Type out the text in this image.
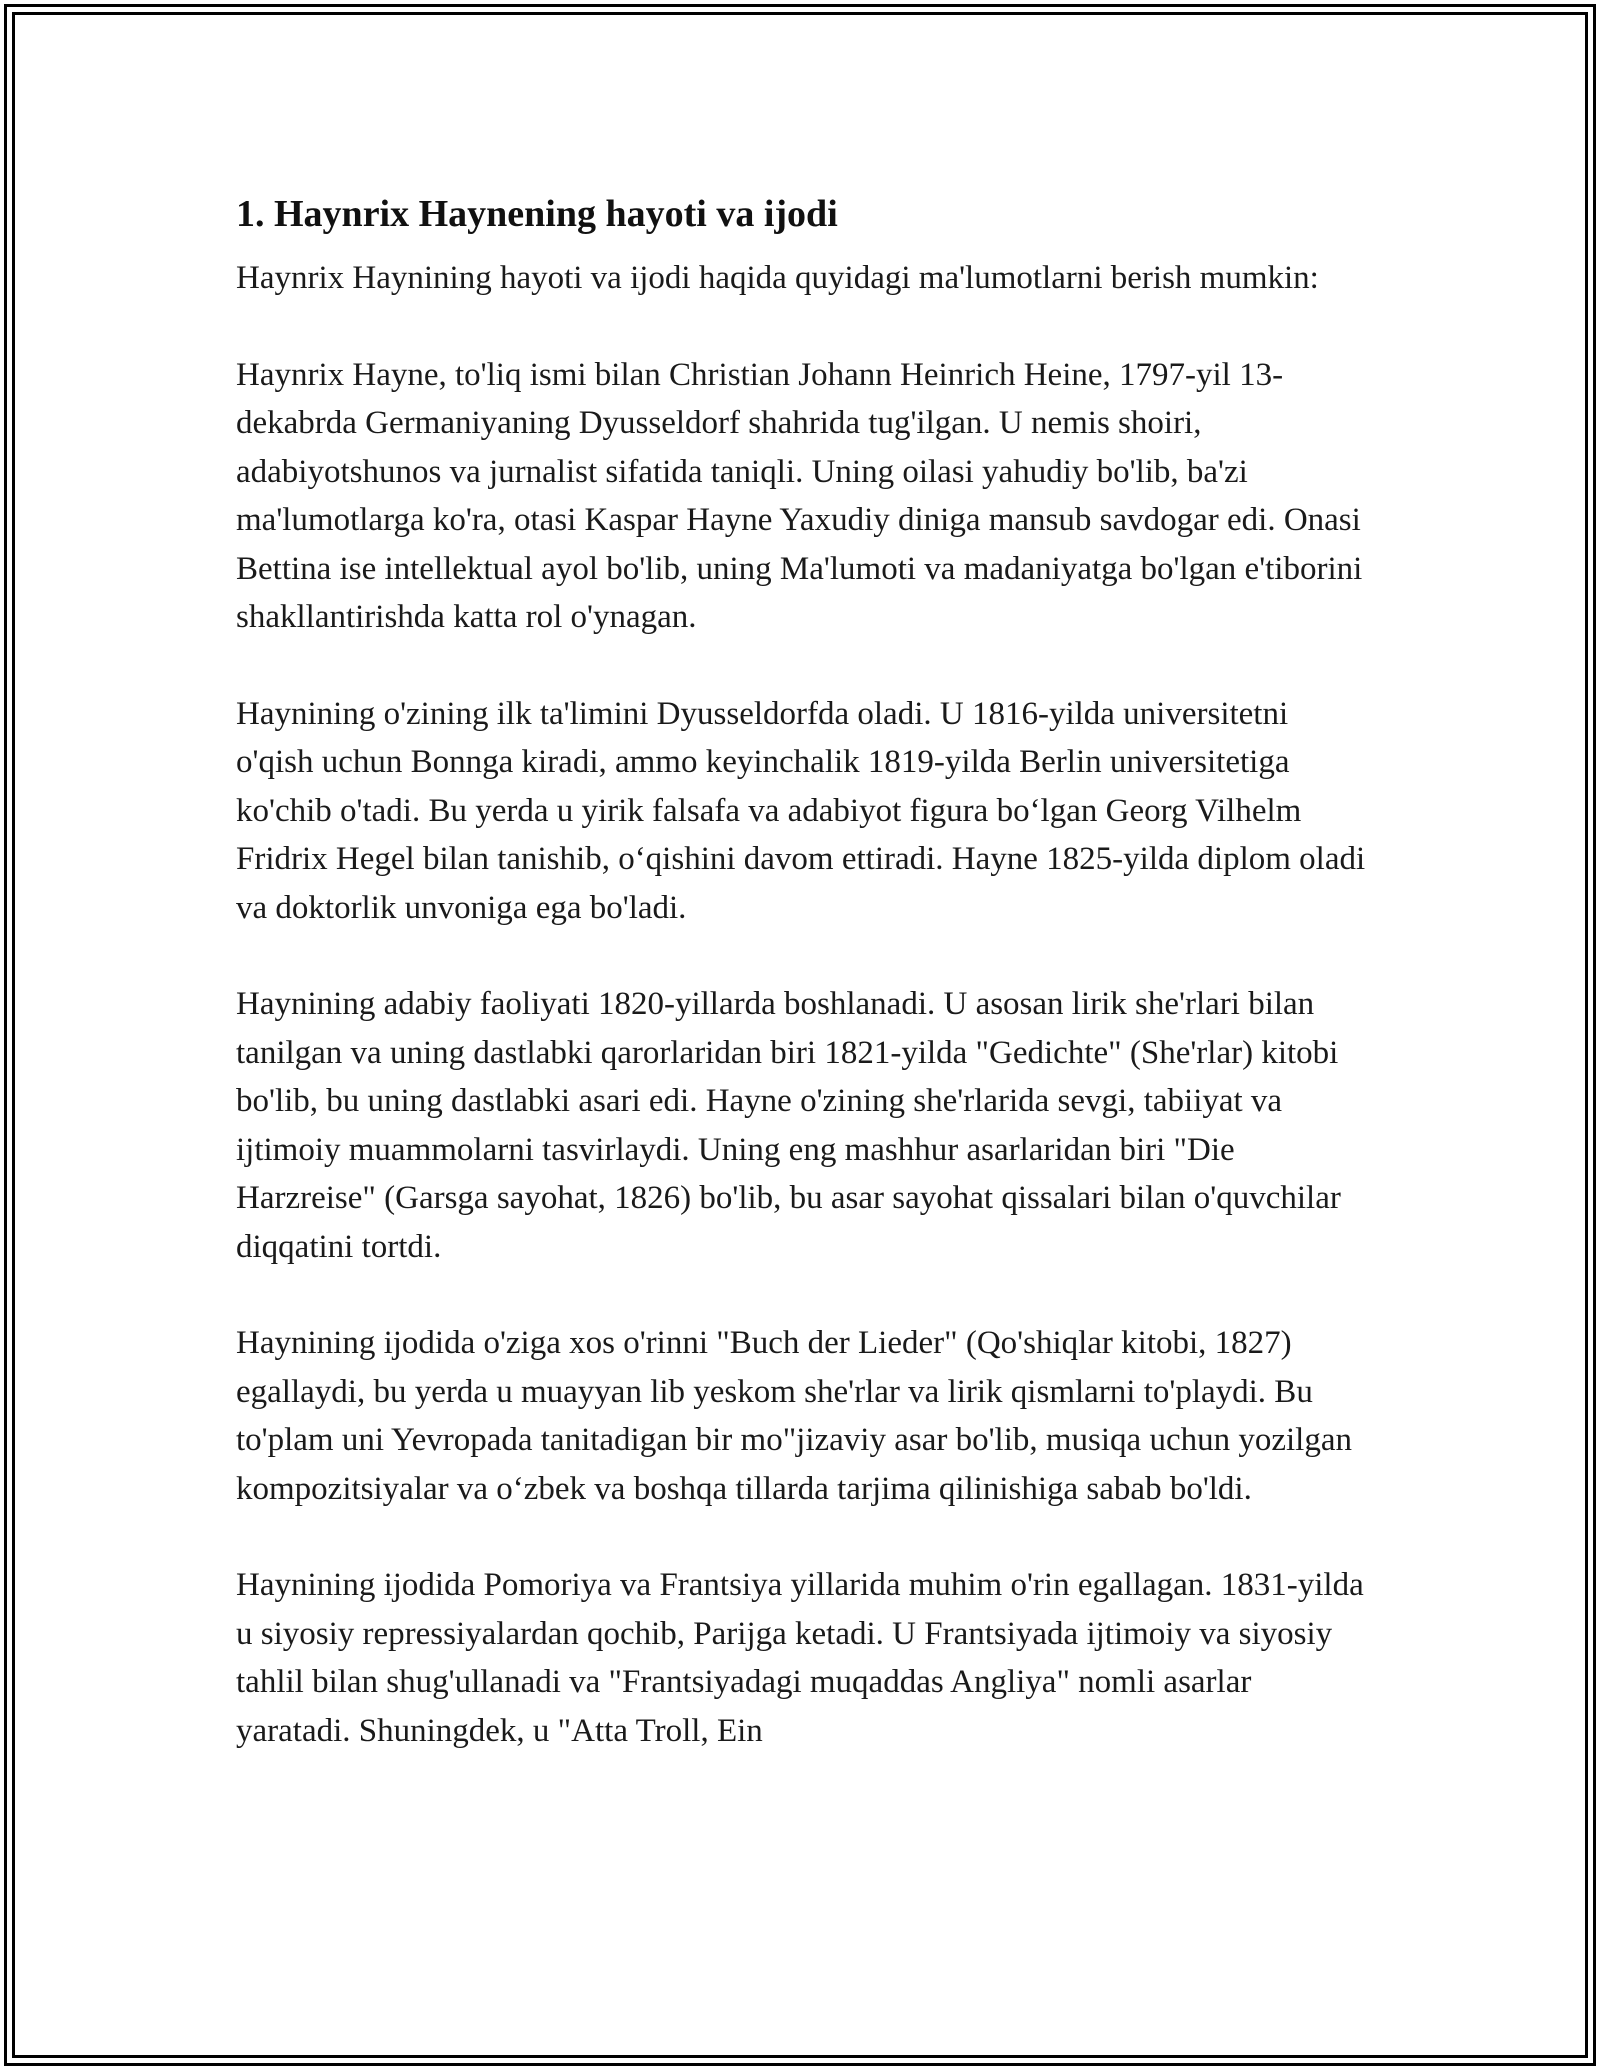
1. Haynrix Haynening hayoti va ijodi

Haynrix Haynining hayoti va ijodi haqida quyidagi ma'lumotlarni berish mumkin:

Haynrix Hayne, to'liq ismi bilan Christian Johann Heinrich Heine, 1797-yil 13-dekabrda Germaniyaning Dyusseldorf shahrida tug'ilgan. U nemis shoiri, adabiyotshunos va jurnalist sifatida taniqli. Uning oilasi yahudiy bo'lib, ba'zi ma'lumotlarga ko'ra, otasi Kaspar Hayne Yaxudiy diniga mansub savdogar edi. Onasi Bettina ise intellektual ayol bo'lib, uning Ma'lumoti va madaniyatga bo'lgan e'tiborini shakllantirishda katta rol o'ynagan.

Haynining o'zining ilk ta'limini Dyusseldorfda oladi. U 1816-yilda universitetni o'qish uchun Bonnga kiradi, ammo keyinchalik 1819-yilda Berlin universitetiga ko'chib o'tadi. Bu yerda u yirik falsafa va adabiyot figura bo‘lgan Georg Vilhelm Fridrix Hegel bilan tanishib, o‘qishini davom ettiradi. Hayne 1825-yilda diplom oladi va doktorlik unvoniga ega bo'ladi.

Haynining adabiy faoliyati 1820-yillarda boshlanadi. U asosan lirik she'rlari bilan tanilgan va uning dastlabki qarorlaridan biri 1821-yilda "Gedichte" (She'rlar) kitobi bo'lib, bu uning dastlabki asari edi. Hayne o'zining she'rlarida sevgi, tabiiyat va ijtimoiy muammolarni tasvirlaydi. Uning eng mashhur asarlaridan biri "Die Harzreise" (Garsga sayohat, 1826) bo'lib, bu asar sayohat qissalari bilan o'quvchilar diqqatini tortdi.

Haynining ijodida o'ziga xos o'rinni "Buch der Lieder" (Qo'shiqlar kitobi, 1827) egallaydi, bu yerda u muayyan lib yeskom she'rlar va lirik qismlarni to'playdi. Bu to'plam uni Yevropada tanitadigan bir mo"jizaviy asar bo'lib, musiqa uchun yozilgan kompozitsiyalar va o‘zbek va boshqa tillarda tarjima qilinishiga sabab bo'ldi.

Haynining ijodida Pomoriya va Frantsiya yillarida muhim o'rin egallagan. 1831-yilda u siyosiy repressiyalardan qochib, Parijga ketadi. U Frantsiyada ijtimoiy va siyosiy tahlil bilan shug'ullanadi va "Frantsiyadagi muqaddas Angliya" nomli asarlar yaratadi. Shuningdek, u "Atta Troll, Ein
